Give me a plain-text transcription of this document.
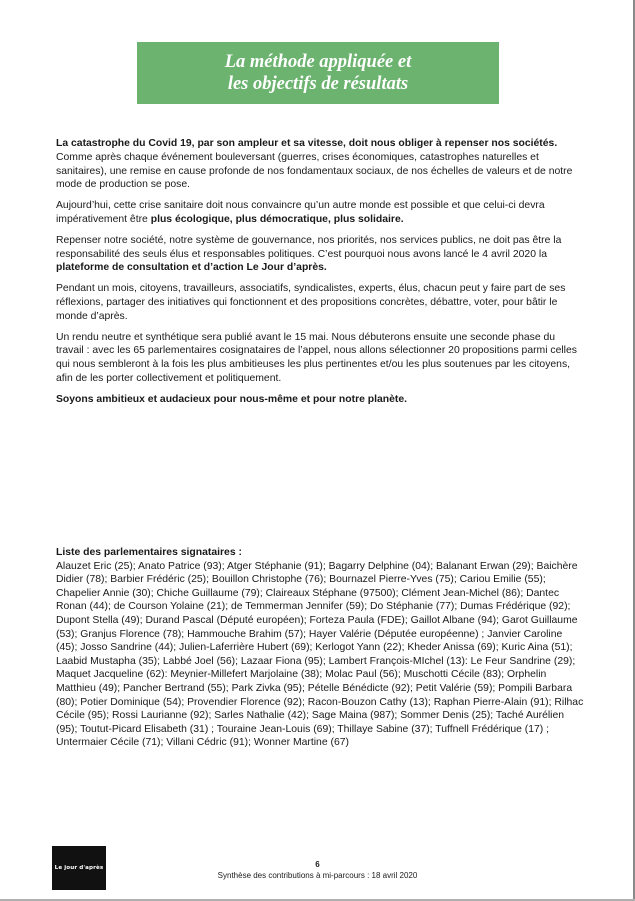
La méthode appliquée et
les objectifs de résultats

La catastrophe du Covid 19, par son ampleur et sa vitesse, doit nous obliger à repenser nos sociétés. Comme après chaque événement bouleversant (guerres, crises économiques, catastrophes naturelles et sanitaires), une remise en cause profonde de nos fondamentaux sociaux, de nos échelles de valeurs et de notre mode de production se pose.

Aujourd’hui, cette crise sanitaire doit nous convaincre qu’un autre monde est possible et que celui-ci devra impérativement être plus écologique, plus démocratique, plus solidaire.

Repenser notre société, notre système de gouvernance, nos priorités, nos services publics, ne doit pas être la responsabilité des seuls élus et responsables politiques. C’est pourquoi nous avons lancé le 4 avril 2020 la plateforme de consultation et d’action Le Jour d’après.

Pendant un mois, citoyens, travailleurs, associatifs, syndicalistes, experts, élus, chacun peut y faire part de ses réflexions, partager des initiatives qui fonctionnent et des propositions concrètes, débattre, voter, pour bâtir le monde d’après.

Un rendu neutre et synthétique sera publié avant le 15 mai. Nous débuterons ensuite une seconde phase du travail : avec les 65 parlementaires cosignataires de l’appel, nous allons sélectionner 20 propositions parmi celles qui nous sembleront à la fois les plus ambitieuses les plus pertinentes et/ou les plus soutenues par les citoyens, afin de les porter collectivement et politiquement.

Soyons ambitieux et audacieux pour nous-même et pour notre planète.

Liste des parlementaires signataires :
Alauzet Eric (25); Anato Patrice (93); Atger Stéphanie (91); Bagarry Delphine (04); Balanant Erwan (29); Baichère Didier (78); Barbier Frédéric (25); Bouillon Christophe (76); Bournazel Pierre-Yves (75); Cariou Emilie (55); Chapelier Annie (30); Chiche Guillaume (79); Claireaux Stéphane (97500); Clément Jean-Michel (86); Dantec Ronan (44); de Courson Yolaine (21); de Temmerman Jennifer (59); Do Stéphanie (77); Dumas Frédérique (92); Dupont Stella (49); Durand Pascal (Député européen); Forteza Paula (FDE); Gaillot Albane (94); Garot Guillaume (53); Granjus Florence (78); Hammouche Brahim (57); Hayer Valérie (Députée européenne) ; Janvier Caroline (45); Josso Sandrine (44); Julien-Laferrière Hubert (69); Kerlogot Yann (22); Kheder Anissa (69); Kuric Aina (51); Laabid Mustapha (35); Labbé Joel (56); Lazaar Fiona (95); Lambert François-MIchel (13): Le Feur Sandrine (29); Maquet Jacqueline (62): Meynier-Millefert Marjolaine (38); Molac Paul (56); Muschotti Cécile (83); Orphelin Matthieu (49); Pancher Bertrand (55); Park Zivka (95); Pételle Bénédicte (92); Petit Valérie (59); Pompili Barbara (80); Potier Dominique (54); Provendier Florence (92); Racon-Bouzon Cathy (13); Raphan Pierre-Alain (91); Rilhac Cécile (95); Rossi Laurianne (92); Sarles Nathalie (42); Sage Maina (987); Sommer Denis (25); Taché Aurélien (95); Toutut-Picard Elisabeth (31) ; Touraine Jean-Louis (69); Thillaye Sabine (37); Tuffnell Frédérique (17) ; Untermaier Cécile (71); Villani Cédric (91); Wonner Martine (67)
Le jour d'après	6
Synthèse des contributions à mi-parcours : 18 avril 2020
